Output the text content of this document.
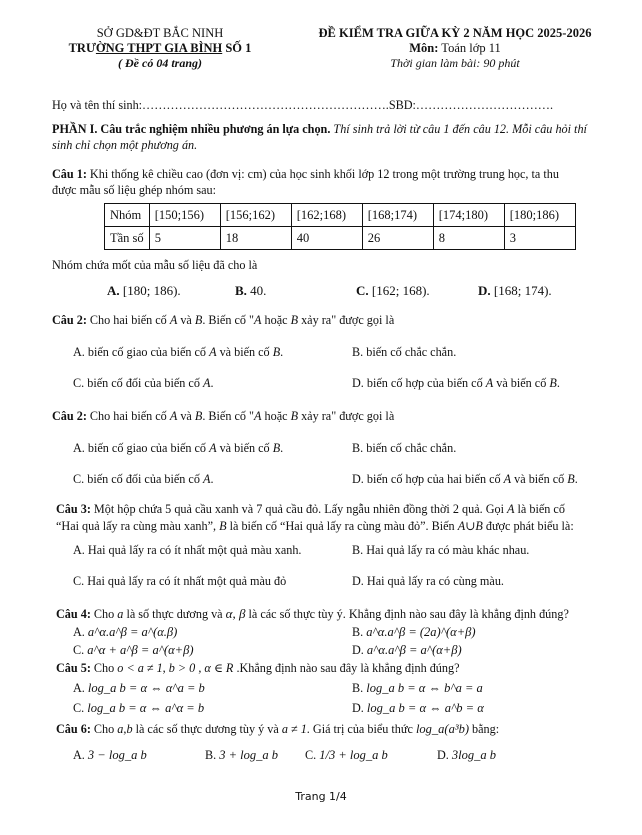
SỞ GD&ĐT BẮC NINH
TRƯỜNG THPT GIA BÌNH SỐ 1
( Đề có 04 trang)
ĐỀ KIỂM TRA GIỮA KỲ 2 NĂM HỌC 2025-2026
Môn: Toán lớp 11
Thời gian làm bài: 90 phút
Họ và tên thí sinh:…………………………………………………….SBD:…………………………….
PHẦN I. Câu trắc nghiệm nhiều phương án lựa chọn. Thí sinh trả lời từ câu 1 đến câu 12. Mỗi câu hỏi thí
sinh chỉ chọn một phương án.
Câu 1: Khi thống kê chiều cao (đơn vị: cm) của học sinh khối lớp 12 trong một trường trung học, ta thu
được mẫu số liệu ghép nhóm sau:
Nhóm	[150;156)	[156;162)	[162;168)	[168;174)	[174;180)	[180;186)
Tần số	5	18	40	26	8	3
Nhóm chứa mốt của mẫu số liệu đã cho là
A. [180; 186).	B. 40.	C. [162; 168).	D. [168; 174).
Câu 2: Cho hai biến cố A và B. Biến cố "A hoặc B xảy ra" được gọi là
A. biến cố giao của biến cố A và biến cố B.	B. biến cố chắc chắn.
C. biến cố đối của biến cố A.	D. biến cố hợp của biến cố A và biến cố B.
Câu 2: Cho hai biến cố A và B. Biến cố "A hoặc B xảy ra" được gọi là
A. biến cố giao của biến cố A và biến cố B.	B. biến cố chắc chắn.
C. biến cố đối của biến cố A.	D. biến cố hợp của hai biến cố A và biến cố B.
Câu 3: Một hộp chứa 5 quả cầu xanh và 7 quả cầu đỏ. Lấy ngẫu nhiên đồng thời 2 quả. Gọi A là biến cố
“Hai quả lấy ra cùng màu xanh”, B là biến cố “Hai quả lấy ra cùng màu đỏ”. Biến A∪B được phát biểu là:
A. Hai quả lấy ra có ít nhất một quả màu xanh.	B. Hai quả lấy ra có màu khác nhau.
C. Hai quả lấy ra có ít nhất một quả màu đỏ	D. Hai quả lấy ra có cùng màu.
Câu 4: Cho a là số thực dương và α, β là các số thực tùy ý. Khẳng định nào sau đây là khẳng định đúng?
A. a^α.a^β = a^(α.β)	B. a^α.a^β = (2a)^(α+β)
C. a^α + a^β = a^(α+β)	D. a^α.a^β = a^(α+β)
Câu 5: Cho o < a ≠ 1, b > 0 , α ∈ R .Khẳng định nào sau đây là khẳng định đúng?
A. log_a b = α ⇔ α^a = b	B. log_a b = α ⇔ b^a = a
C. log_a b = α ⇔ a^α = b	D. log_a b = α ⇔ a^b = α
Câu 6: Cho a,b là các số thực dương tùy ý và a ≠ 1. Giá trị của biểu thức log_a(a³b) bằng:
A. 3 − log_a b	B. 3 + log_a b C. 1/3 + log_a b	D. 3log_a b
Trang 1/4
